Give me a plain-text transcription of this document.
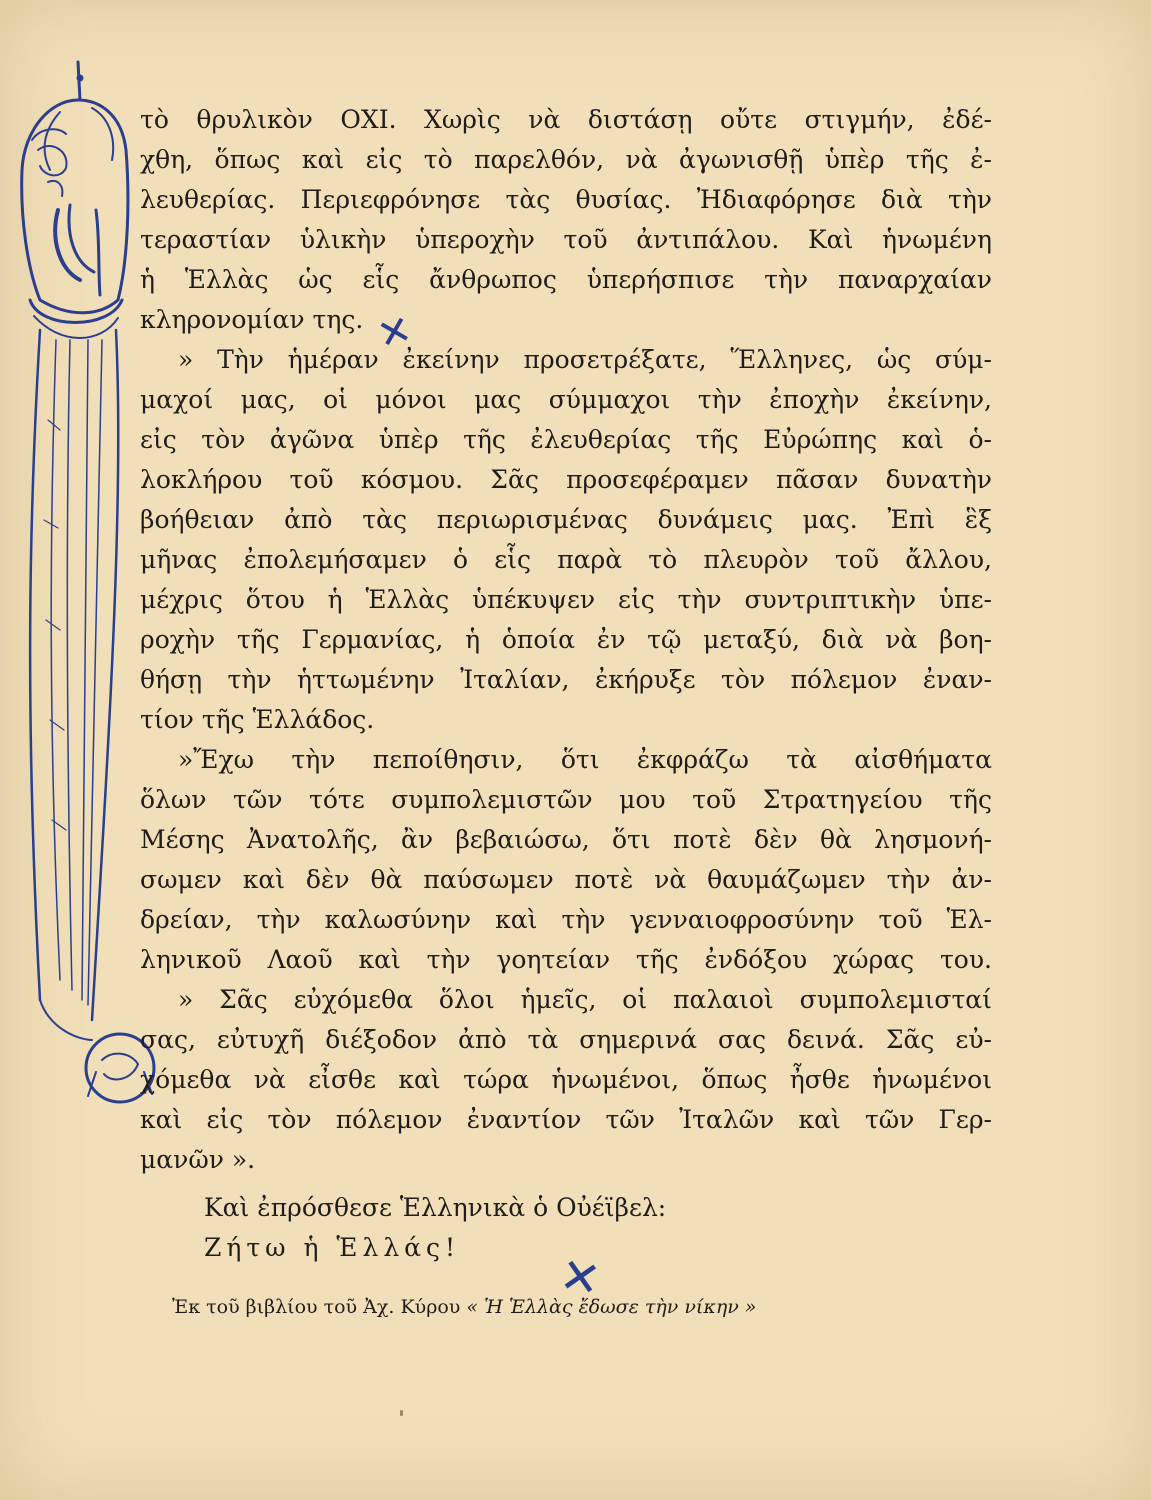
τὸ θρυλικὸν ΟΧΙ. Χωρὶς νὰ διστάσῃ οὔτε στιγμήν, ἐδέ-
χθη, ὅπως καὶ εἰς τὸ παρελθόν, νὰ ἀγωνισθῇ ὑπὲρ τῆς ἐ-
λευθερίας. Περιεφρόνησε τὰς θυσίας. Ἠδιαφόρησε διὰ τὴν
τεραστίαν ὑλικὴν ὑπεροχὴν τοῦ ἀντιπάλου. Καὶ ἡνωμένη
ἡ Ἑλλὰς ὡς εἷς ἄνθρωπος ὑπερήσπισε τὴν παναρχαίαν
κληρονομίαν της.
» Τὴν ἡμέραν ἐκείνην προσετρέξατε, Ἕλληνες, ὡς σύμ-
μαχοί μας, οἱ μόνοι μας σύμμαχοι τὴν ἐποχὴν ἐκείνην,
εἰς τὸν ἀγῶνα ὑπὲρ τῆς ἐλευθερίας τῆς Εὐρώπης καὶ ὁ-
λοκλήρου τοῦ κόσμου. Σᾶς προσεφέραμεν πᾶσαν δυνατὴν
βοήθειαν ἀπὸ τὰς περιωρισμένας δυνάμεις μας. Ἐπὶ ἓξ
μῆνας ἐπολεμήσαμεν ὁ εἷς παρὰ τὸ πλευρὸν τοῦ ἄλλου,
μέχρις ὅτου ἡ Ἑλλὰς ὑπέκυψεν εἰς τὴν συντριπτικὴν ὑπε-
ροχὴν τῆς Γερμανίας, ἡ ὁποία ἐν τῷ μεταξύ, διὰ νὰ βοη-
θήσῃ τὴν ἡττωμένην Ἰταλίαν, ἐκήρυξε τὸν πόλεμον ἐναν-
τίον τῆς Ἑλλάδος.
»Ἔχω τὴν πεποίθησιν, ὅτι ἐκφράζω τὰ αἰσθήματα
ὅλων τῶν τότε συμπολεμιστῶν μου τοῦ Στρατηγείου τῆς
Μέσης Ἀνατολῆς, ἂν βεβαιώσω, ὅτι ποτὲ δὲν θὰ λησμονή-
σωμεν καὶ δὲν θὰ παύσωμεν ποτὲ νὰ θαυμάζωμεν τὴν ἀν-
δρείαν, τὴν καλωσύνην καὶ τὴν γενναιοφροσύνην τοῦ Ἑλ-
ληνικοῦ Λαοῦ καὶ τὴν γοητείαν τῆς ἐνδόξου χώρας του.
» Σᾶς εὐχόμεθα ὅλοι ἡμεῖς, οἱ παλαιοὶ συμπολεμισταί
σας, εὐτυχῆ διέξοδον ἀπὸ τὰ σημερινά σας δεινά. Σᾶς εὐ-
χόμεθα νὰ εἶσθε καὶ τώρα ἡνωμένοι, ὅπως ἦσθε ἡνωμένοι
καὶ εἰς τὸν πόλεμον ἐναντίον τῶν Ἰταλῶν καὶ τῶν Γερ-
μανῶν ».
Καὶ ἐπρόσθεσε Ἑλληνικὰ ὁ Οὐέϊβελ:
Ζήτω ἡ Ἑλλάς!
Ἐκ τοῦ βιβλίου τοῦ Ἀχ. Κύρου « Ἡ Ἑλλὰς ἔδωσε τὴν νίκην »
✕
✕
